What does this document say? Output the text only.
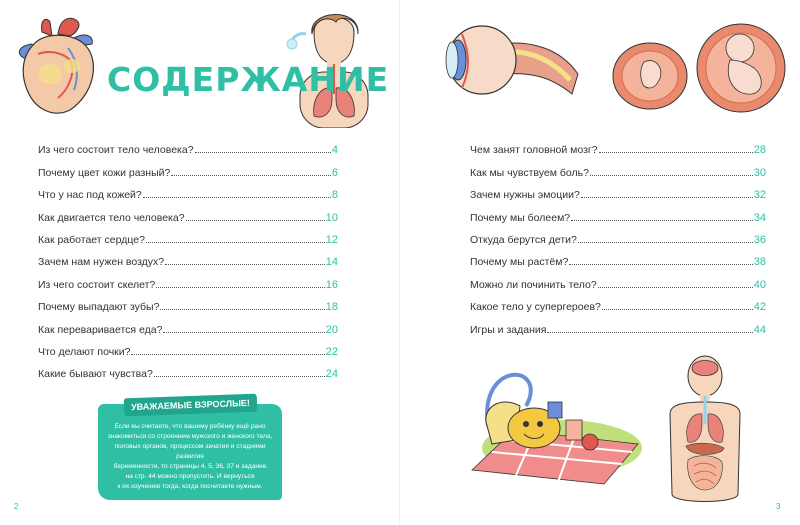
СОДЕРЖАНИЕ
Из чего состоит тело человека?	4
Почему цвет кожи разный?	6
Что у нас под кожей?	8
Как двигается тело человека?	10
Как работает сердце?	12
Зачем нам нужен воздух?	14
Из чего состоит скелет?	16
Почему выпадают зубы?	18
Как переваривается еда?	20
Что делают почки?	22
Какие бывают чувства?	24
Чем занят головной мозг?	28
Как мы чувствуем боль?	30
Зачем нужны эмоции?	32
Почему мы болеем?	34
Откуда берутся дети?	36
Почему мы растём?	38
Можно ли починить тело?	40
Какое тело у супергероев?	42
Игры и задания	44
УВАЖАЕМЫЕ ВЗРОСЛЫЕ!
Если вы считаете, что вашему ребёнку ещё рано
знакомиться со строением мужского и женского тела,
половых органов, процессом зачатия и стадиями развития
беременности, то страницы 4, 5, 36, 37 и задание
на стр. 44 можно пропустить. И вернуться
к их изучению тогда, когда посчитаете нужным.
2	3
